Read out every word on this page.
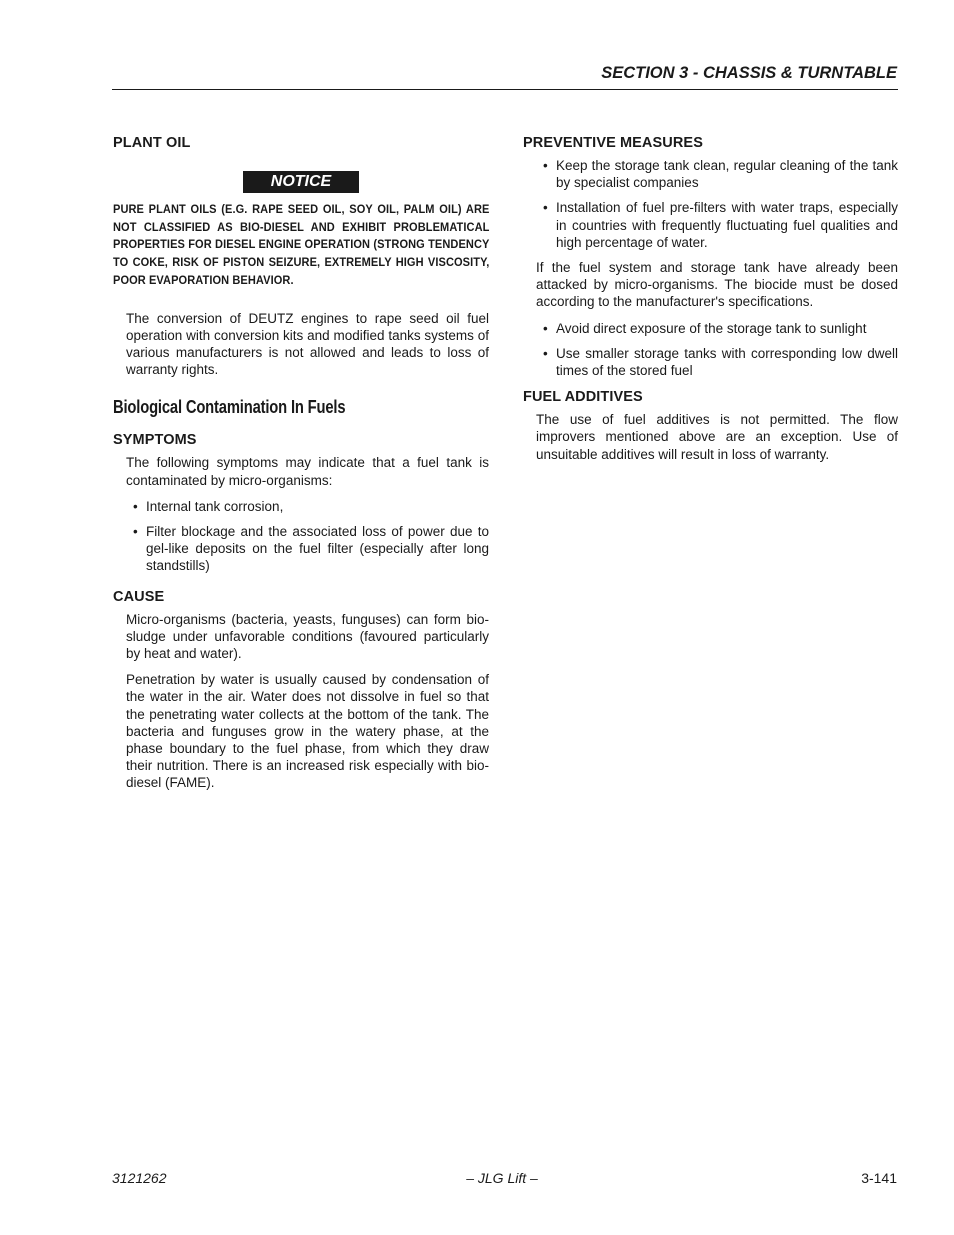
SECTION 3 - CHASSIS & TURNTABLE
PLANT OIL
NOTICE
PURE PLANT OILS (E.G. RAPE SEED OIL, SOY OIL, PALM OIL) ARE NOT CLASSIFIED AS BIO-DIESEL AND EXHIBIT PROBLEMATICAL PROPERTIES FOR DIESEL ENGINE OPERATION (STRONG TENDENCY TO COKE, RISK OF PISTON SEIZURE, EXTREMELY HIGH VISCOSITY, POOR EVAPORATION BEHAVIOR.
The conversion of DEUTZ engines to rape seed oil fuel operation with conversion kits and modified tanks systems of various manufacturers is not allowed and leads to loss of warranty rights.
Biological Contamination In Fuels
SYMPTOMS
The following symptoms may indicate that a fuel tank is contaminated by micro-organisms:
• Internal tank corrosion,
• Filter blockage and the associated loss of power due to gel-like deposits on the fuel filter (especially after long standstills)
CAUSE
Micro-organisms (bacteria, yeasts, funguses) can form bio-sludge under unfavorable conditions (favoured particularly by heat and water).
Penetration by water is usually caused by condensation of the water in the air. Water does not dissolve in fuel so that the penetrating water collects at the bottom of the tank. The bacteria and funguses grow in the watery phase, at the phase boundary to the fuel phase, from which they draw their nutrition. There is an increased risk especially with bio-diesel (FAME).
PREVENTIVE MEASURES
• Keep the storage tank clean, regular cleaning of the tank by specialist companies
• Installation of fuel pre-filters with water traps, especially in countries with frequently fluctuating fuel qualities and high percentage of water.
If the fuel system and storage tank have already been attacked by micro-organisms. The biocide must be dosed according to the manufacturer's specifications.
• Avoid direct exposure of the storage tank to sunlight
• Use smaller storage tanks with corresponding low dwell times of the stored fuel
FUEL ADDITIVES
The use of fuel additives is not permitted. The flow improvers mentioned above are an exception. Use of unsuitable additives will result in loss of warranty.
3121262	– JLG Lift –	3-141
